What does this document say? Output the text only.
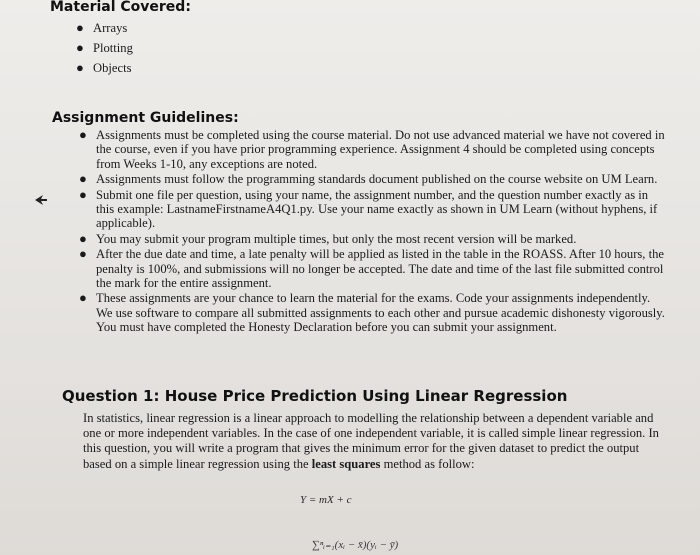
Material Covered:
● Arrays
● Plotting
● Objects
Assignment Guidelines:
● Assignments must be completed using the course material. Do not use advanced material we have not covered in the course, even if you have prior programming experience. Assignment 4 should be completed using concepts from Weeks 1-10, any exceptions are noted.
● Assignments must follow the programming standards document published on the course website on UM Learn.
● Submit one file per question, using your name, the assignment number, and the question number exactly as in this example: LastnameFirstnameA4Q1.py. Use your name exactly as shown in UM Learn (without hyphens, if applicable).
● You may submit your program multiple times, but only the most recent version will be marked.
● After the due date and time, a late penalty will be applied as listed in the table in the ROASS. After 10 hours, the penalty is 100%, and submissions will no longer be accepted. The date and time of the last file submitted control the mark for the entire assignment.
● These assignments are your chance to learn the material for the exams. Code your assignments independently. We use software to compare all submitted assignments to each other and pursue academic dishonesty vigorously. You must have completed the Honesty Declaration before you can submit your assignment.
Question 1: House Price Prediction Using Linear Regression
In statistics, linear regression is a linear approach to modelling the relationship between a dependent variable and one or more independent variables. In the case of one independent variable, it is called simple linear regression. In this question, you will write a program that gives the minimum error for the given dataset to predict the output based on a simple linear regression using the least squares method as follow:
Y = mX + c
∑ⁿᵢ₌₁(xᵢ − x̄)(yᵢ − ȳ)
